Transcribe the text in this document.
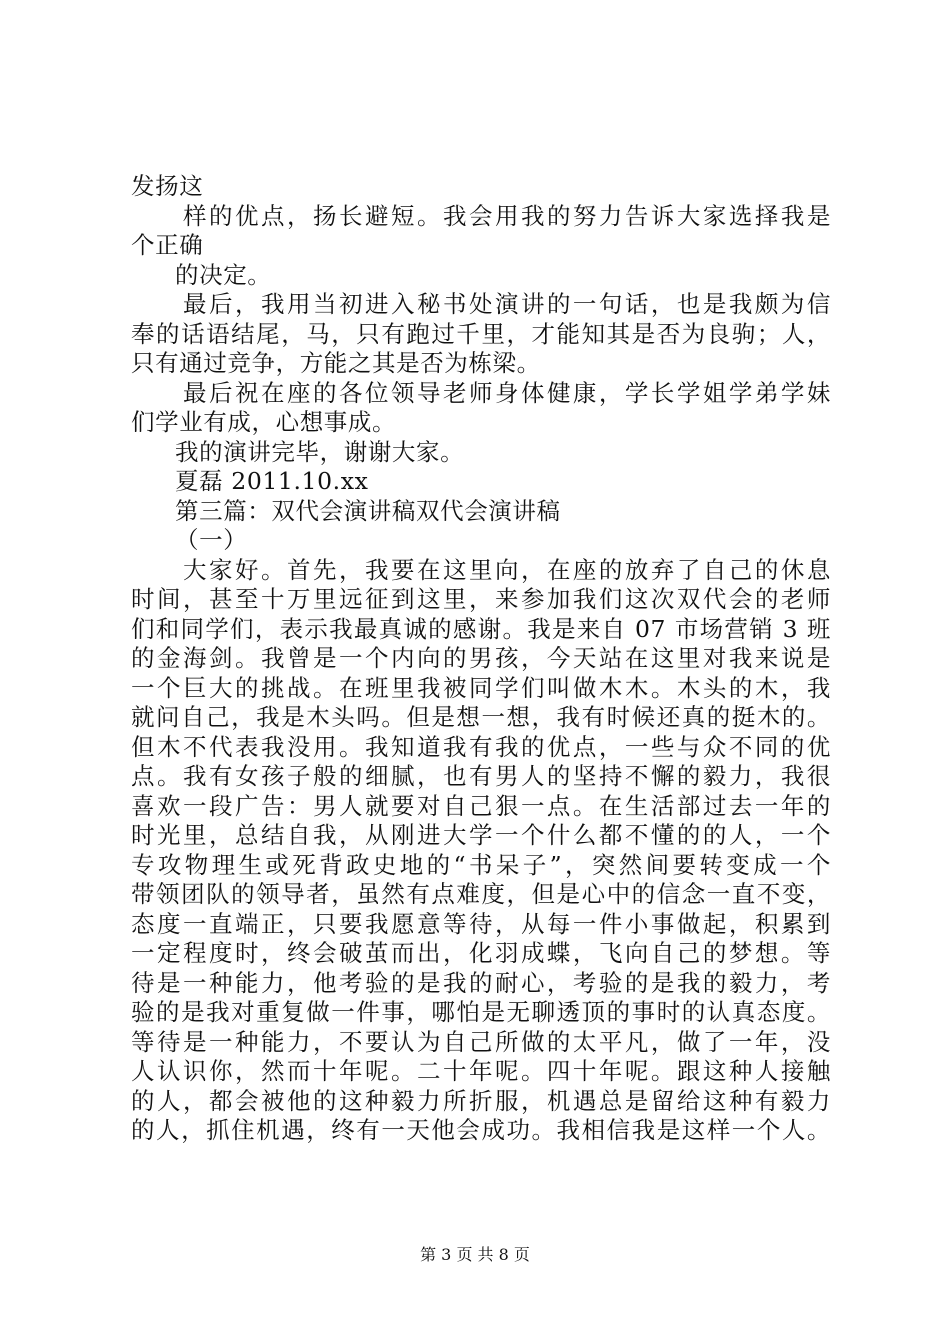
发扬这
样的优点，扬长避短。我会用我的努力告诉大家选择我是
个正确
的决定。
最后，我用当初进入秘书处演讲的一句话，也是我颇为信
奉的话语结尾，马，只有跑过千里，才能知其是否为良驹；人，
只有通过竞争，方能之其是否为栋梁。
最后祝在座的各位领导老师身体健康，学长学姐学弟学妹
们学业有成，心想事成。
我的演讲完毕，谢谢大家。
夏磊 2011.10.xx
第三篇：双代会演讲稿双代会演讲稿
（一）
大家好。首先，我要在这里向，在座的放弃了自己的休息
时间，甚至十万里远征到这里，来参加我们这次双代会的老师
们和同学们，表示我最真诚的感谢。我是来自 07 市场营销 3 班
的金海剑。我曾是一个内向的男孩，今天站在这里对我来说是
一个巨大的挑战。在班里我被同学们叫做木木。木头的木，我
就问自己，我是木头吗。但是想一想，我有时候还真的挺木的。
但木不代表我没用。我知道我有我的优点，一些与众不同的优
点。我有女孩子般的细腻，也有男人的坚持不懈的毅力，我很
喜欢一段广告：男人就要对自己狠一点。在生活部过去一年的
时光里，总结自我，从刚进大学一个什么都不懂的的人，一个
专攻物理生或死背政史地的“书呆子”，突然间要转变成一个
带领团队的领导者，虽然有点难度，但是心中的信念一直不变，
态度一直端正，只要我愿意等待，从每一件小事做起，积累到
一定程度时，终会破茧而出，化羽成蝶，飞向自己的梦想。等
待是一种能力，他考验的是我的耐心，考验的是我的毅力，考
验的是我对重复做一件事，哪怕是无聊透顶的事时的认真态度。
等待是一种能力，不要认为自己所做的太平凡，做了一年，没
人认识你，然而十年呢。二十年呢。四十年呢。跟这种人接触
的人，都会被他的这种毅力所折服，机遇总是留给这种有毅力
的人，抓住机遇，终有一天他会成功。我相信我是这样一个人。
第 3 页 共 8 页
